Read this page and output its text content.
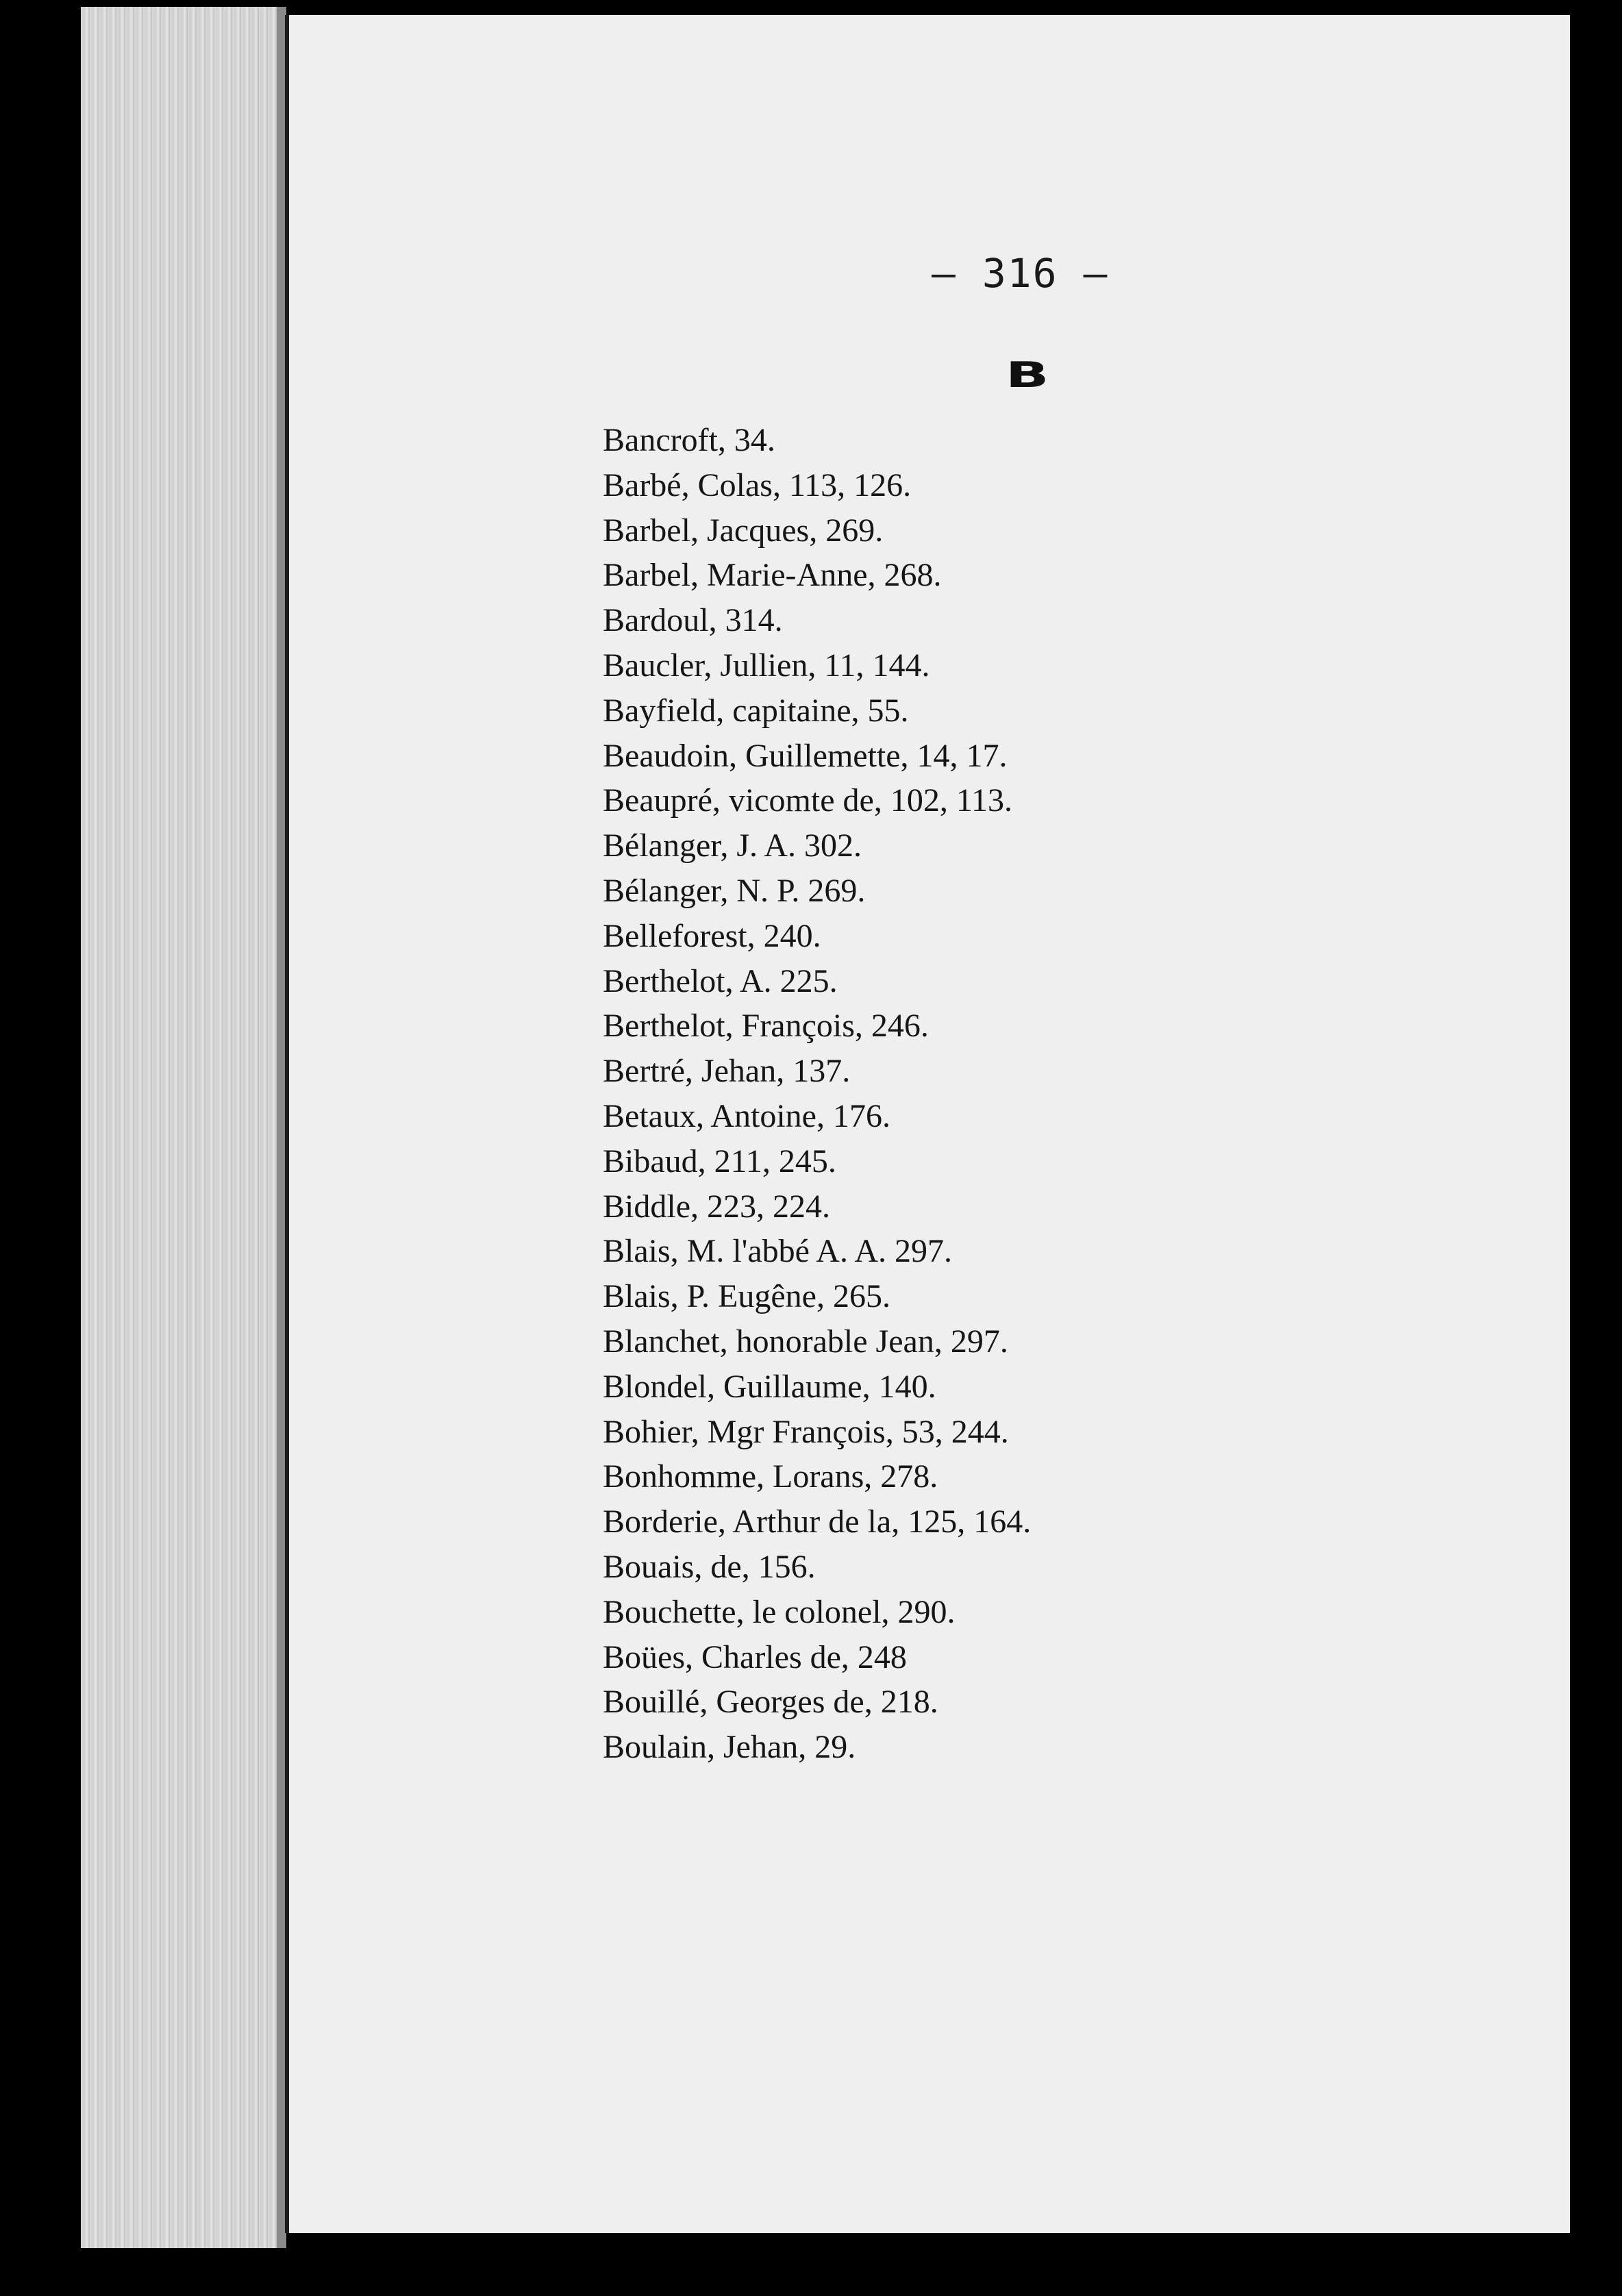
— 316 —
B
Bancroft, 34.
Barbé, Colas, 113, 126.
Barbel, Jacques, 269.
Barbel, Marie-Anne, 268.
Bardoul, 314.
Baucler, Jullien, 11, 144.
Bayfield, capitaine, 55.
Beaudoin, Guillemette, 14, 17.
Beaupré, vicomte de, 102, 113.
Bélanger, J. A. 302.
Bélanger, N. P. 269.
Belleforest, 240.
Berthelot, A. 225.
Berthelot, François, 246.
Bertré, Jehan, 137.
Betaux, Antoine, 176.
Bibaud, 211, 245.
Biddle, 223, 224.
Blais, M. l'abbé A. A. 297.
Blais, P. Eugêne, 265.
Blanchet, honorable Jean, 297.
Blondel, Guillaume, 140.
Bohier, Mgr François, 53, 244.
Bonhomme, Lorans, 278.
Borderie, Arthur de la, 125, 164.
Bouais, de, 156.
Bouchette, le colonel, 290.
Boües, Charles de, 248
Bouillé, Georges de, 218.
Boulain, Jehan, 29.
